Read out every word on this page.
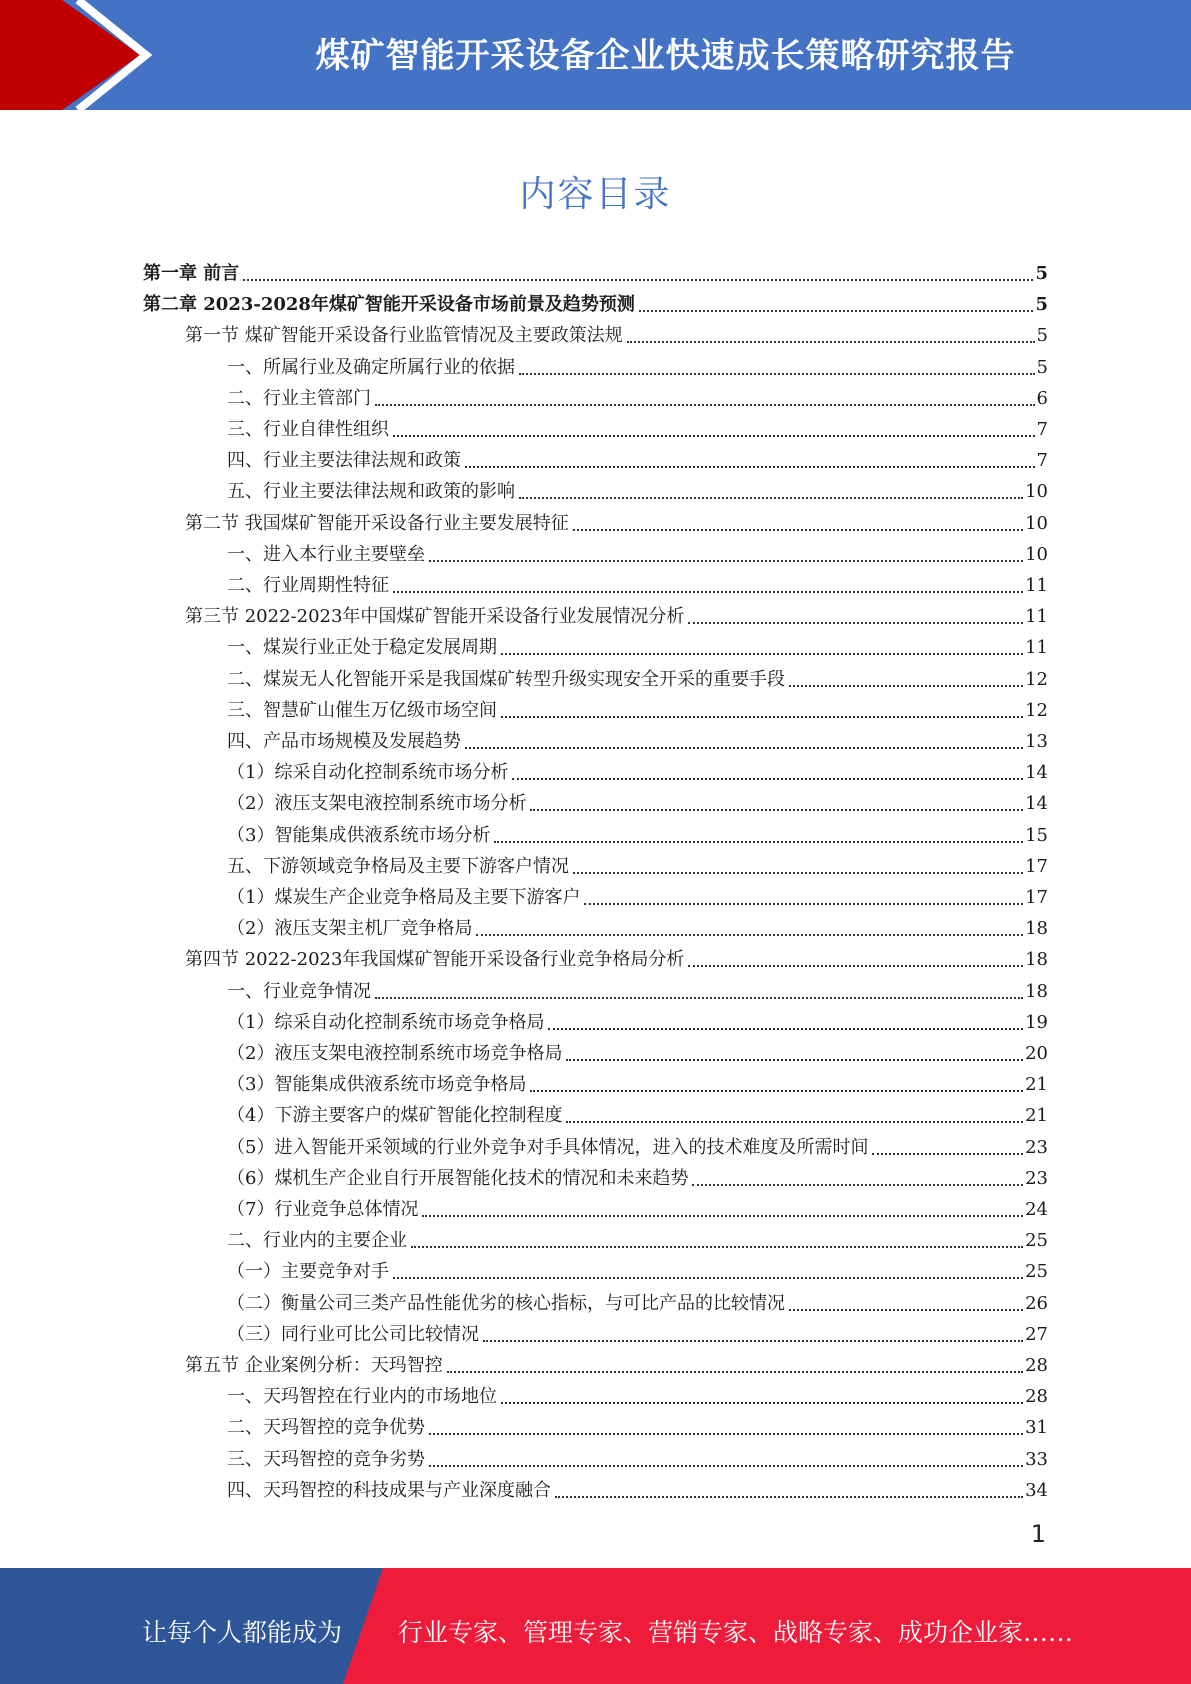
煤矿智能开采设备企业快速成长策略研究报告
内容目录
第一章 前言	5
第二章 2023-2028年煤矿智能开采设备市场前景及趋势预测	5
第一节 煤矿智能开采设备行业监管情况及主要政策法规	5
一、所属行业及确定所属行业的依据	5
二、行业主管部门	6
三、行业自律性组织	7
四、行业主要法律法规和政策	7
五、行业主要法律法规和政策的影响	10
第二节 我国煤矿智能开采设备行业主要发展特征	10
一、进入本行业主要壁垒	10
二、行业周期性特征	11
第三节 2022-2023年中国煤矿智能开采设备行业发展情况分析	11
一、煤炭行业正处于稳定发展周期	11
二、煤炭无人化智能开采是我国煤矿转型升级实现安全开采的重要手段	12
三、智慧矿山催生万亿级市场空间	12
四、产品市场规模及发展趋势	13
（1）综采自动化控制系统市场分析	14
（2）液压支架电液控制系统市场分析	14
（3）智能集成供液系统市场分析	15
五、下游领域竞争格局及主要下游客户情况	17
（1）煤炭生产企业竞争格局及主要下游客户	17
（2）液压支架主机厂竞争格局	18
第四节 2022-2023年我国煤矿智能开采设备行业竞争格局分析	18
一、行业竞争情况	18
（1）综采自动化控制系统市场竞争格局	19
（2）液压支架电液控制系统市场竞争格局	20
（3）智能集成供液系统市场竞争格局	21
（4）下游主要客户的煤矿智能化控制程度	21
（5）进入智能开采领域的行业外竞争对手具体情况，进入的技术难度及所需时间	23
（6）煤机生产企业自行开展智能化技术的情况和未来趋势	23
（7）行业竞争总体情况	24
二、行业内的主要企业	25
（一）主要竞争对手	25
（二）衡量公司三类产品性能优劣的核心指标，与可比产品的比较情况	26
（三）同行业可比公司比较情况	27
第五节 企业案例分析：天玛智控	28
一、天玛智控在行业内的市场地位	28
二、天玛智控的竞争优势	31
三、天玛智控的竞争劣势	33
四、天玛智控的科技成果与产业深度融合	34
1
让每个人都能成为 行业专家、管理专家、营销专家、战略专家、成功企业家……
